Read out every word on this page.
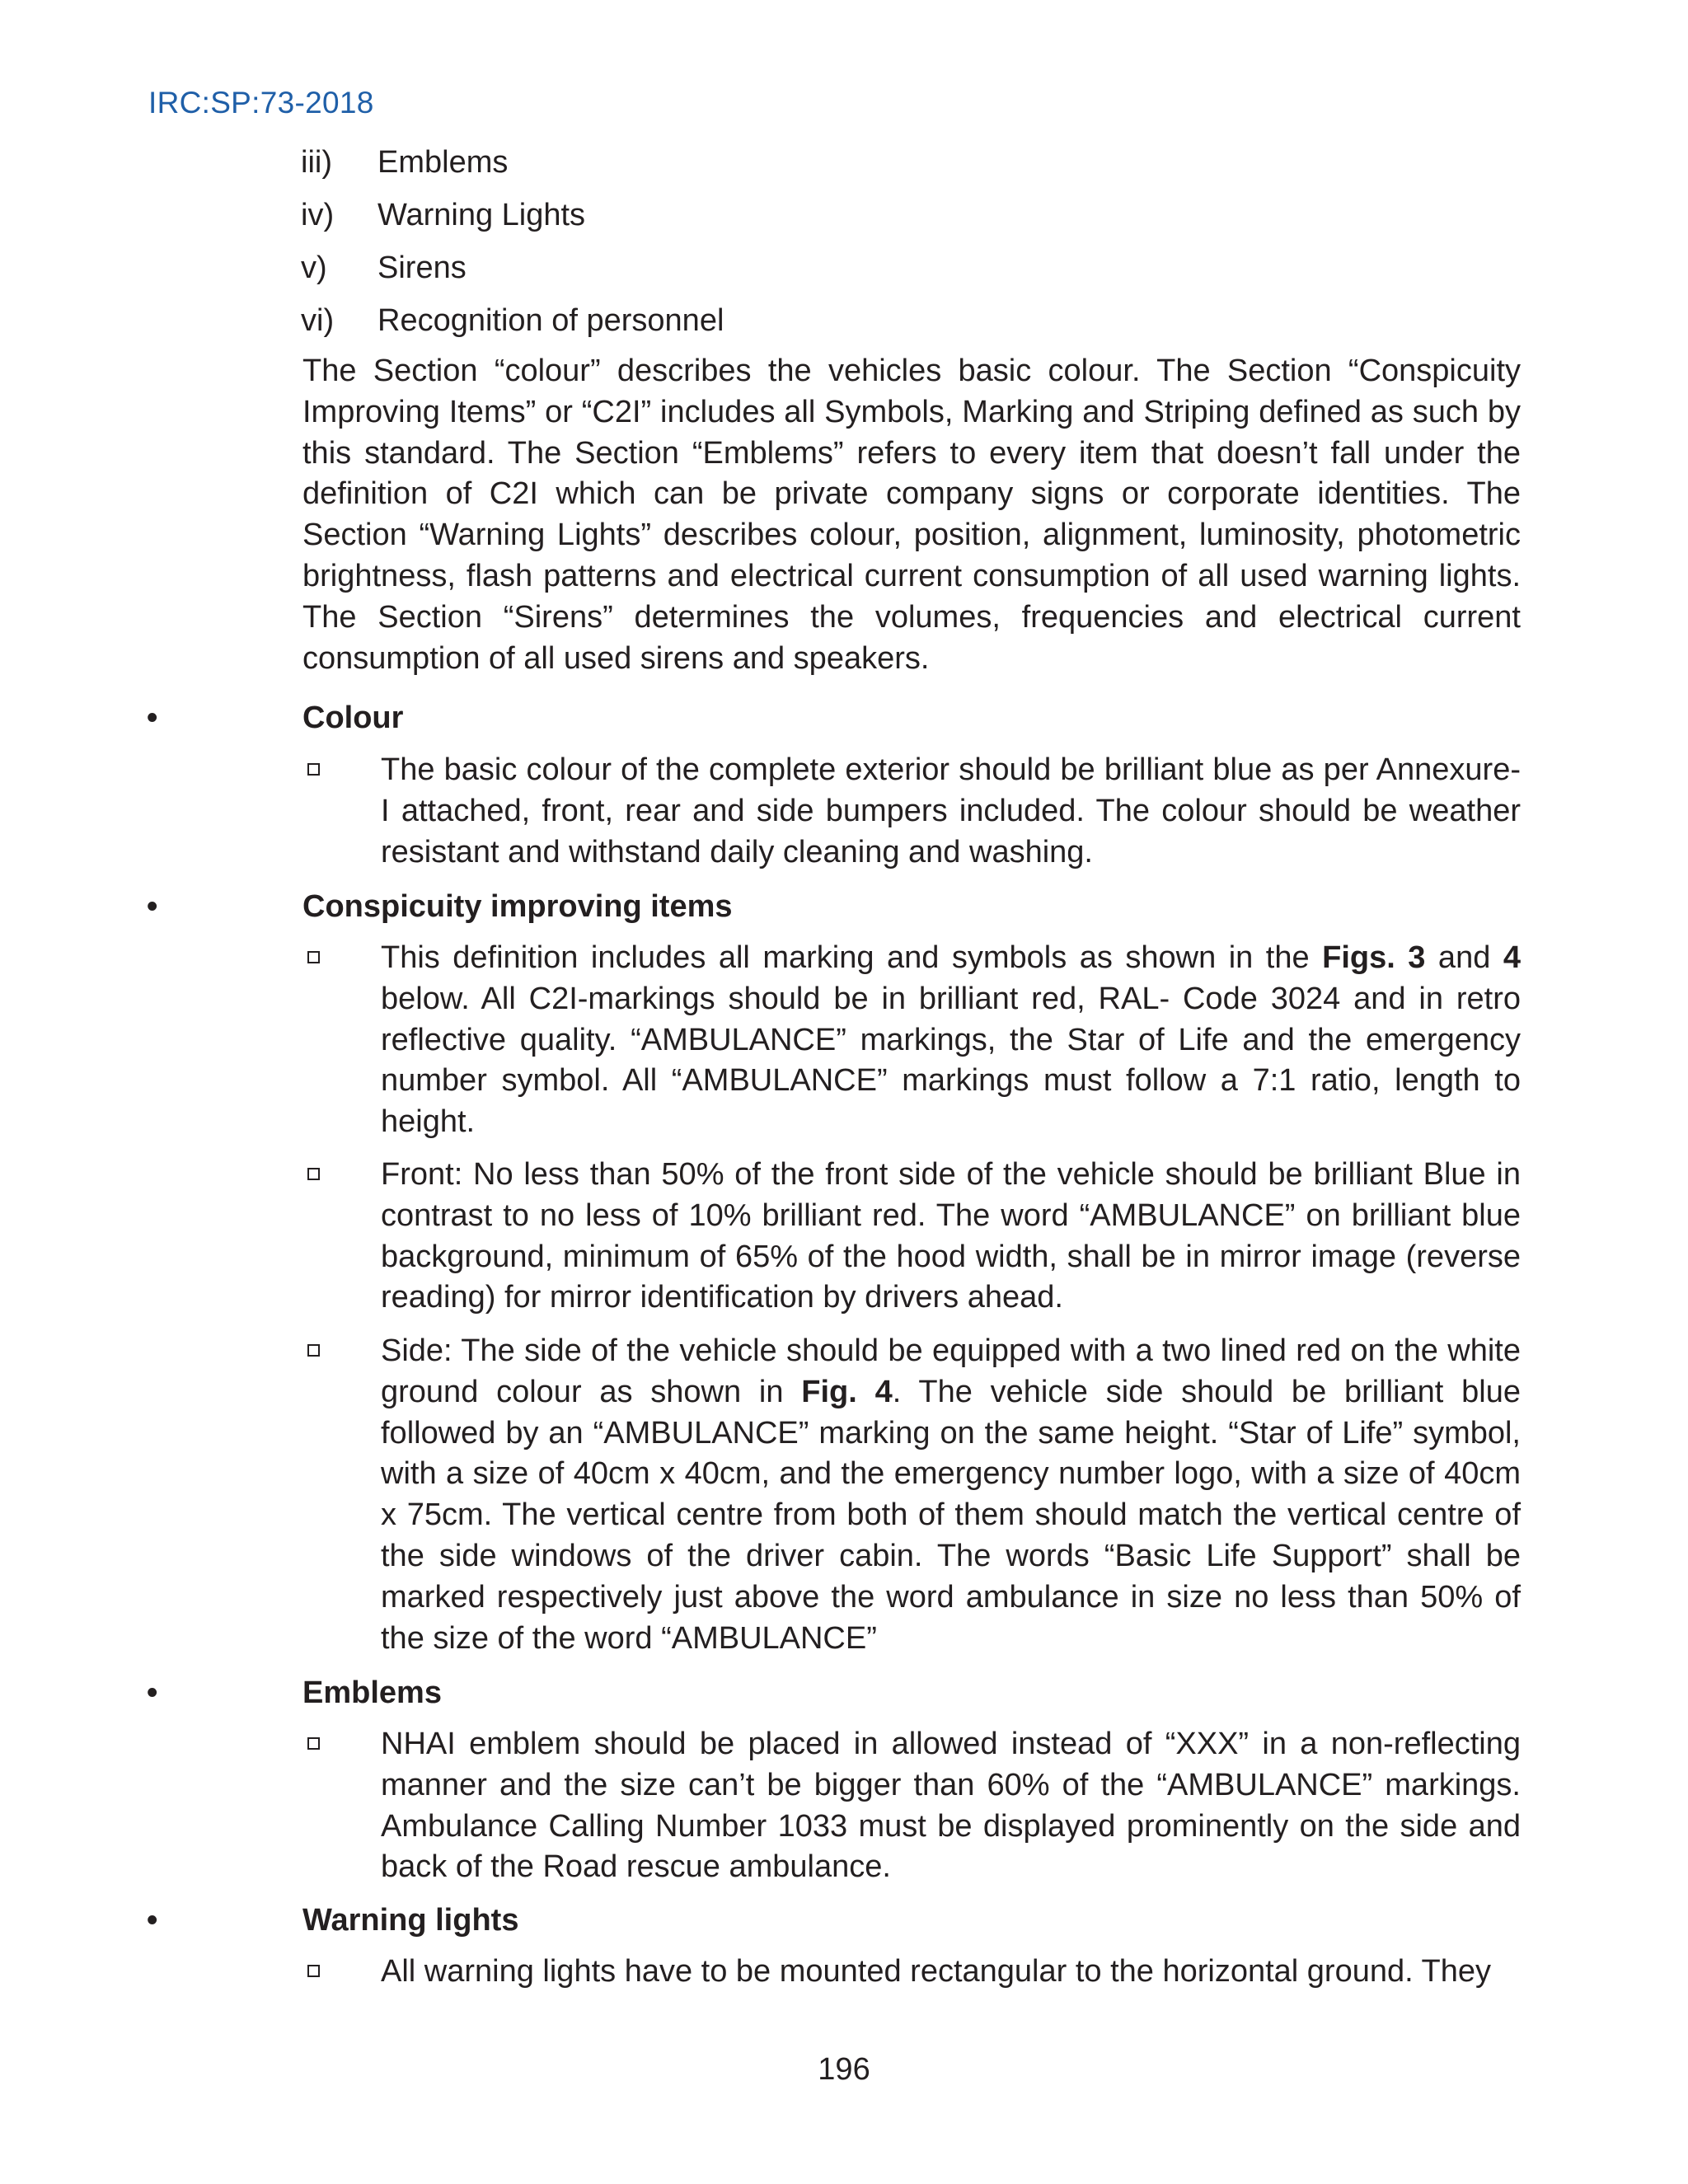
IRC:SP:73-2018
iii) Emblems
iv) Warning Lights
v) Sirens
vi) Recognition of personnel
The Section “colour” describes the vehicles basic colour. The Section “Conspicuity Improving Items” or “C2I” includes all Symbols, Marking and Striping defined as such by this standard. The Section “Emblems” refers to every item that doesn’t fall under the definition of C2I which can be private company signs or corporate identities. The Section “Warning Lights” describes colour, position, alignment, luminosity, photometric brightness, flash patterns and electrical current consumption of all used warning lights. The Section “Sirens” determines the volumes, frequencies and electrical current consumption of all used sirens and speakers.
•	Colour
The basic colour of the complete exterior should be brilliant blue as per Annexure-I attached, front, rear and side bumpers included. The colour should be weather resistant and withstand daily cleaning and washing.
•	Conspicuity improving items
This definition includes all marking and symbols as shown in the Figs. 3 and 4 below. All C2I-markings should be in brilliant red, RAL- Code 3024 and in retro reflective quality. “AMBULANCE” markings, the Star of Life and the emergency number symbol. All “AMBULANCE” markings must follow a 7:1 ratio, length to height.
Front: No less than 50% of the front side of the vehicle should be brilliant Blue in contrast to no less of 10% brilliant red. The word “AMBULANCE” on brilliant blue background, minimum of 65% of the hood width, shall be in mirror image (reverse reading) for mirror identification by drivers ahead.
Side: The side of the vehicle should be equipped with a two lined red on the white ground colour as shown in Fig. 4. The vehicle side should be brilliant blue followed by an “AMBULANCE” marking on the same height. “Star of Life” symbol, with a size of 40cm x 40cm, and the emergency number logo, with a size of 40cm x 75cm. The vertical centre from both of them should match the vertical centre of the side windows of the driver cabin. The words “Basic Life Support” shall be marked respectively just above the word ambulance in size no less than 50% of the size of the word “AMBULANCE”
•	Emblems
NHAI emblem should be placed in allowed instead of “XXX” in a non-reflecting manner and the size can’t be bigger than 60% of the “AMBULANCE” markings. Ambulance Calling Number 1033 must be displayed prominently on the side and back of the Road rescue ambulance.
•	Warning lights
All warning lights have to be mounted rectangular to the horizontal ground. They
196
